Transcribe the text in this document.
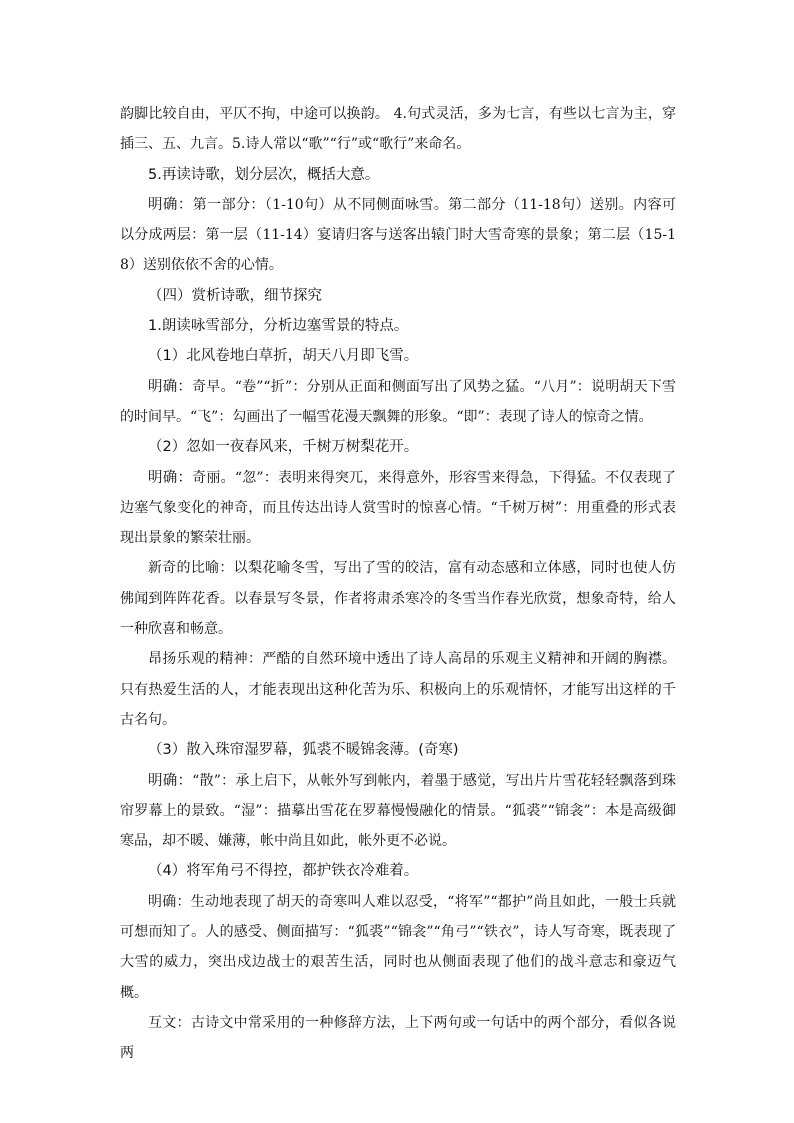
韵脚比较自由，平仄不拘，中途可以换韵。 4.句式灵活，多为七言，有些以七言为主，穿插三、五、九言。5.诗人常以“歌”“行”或“歌行”来命名。

5.再读诗歌，划分层次，概括大意。

明确：第一部分：（1-10句）从不同侧面咏雪。第二部分（11-18句）送别。内容可以分成两层：第一层（11-14）宴请归客与送客出辕门时大雪奇寒的景象；第二层（15-18）送别依依不舍的心情。

（四）赏析诗歌，细节探究

1.朗读咏雪部分，分析边塞雪景的特点。

（1）北风卷地白草折，胡天八月即飞雪。

明确：奇早。“卷”“折”：分别从正面和侧面写出了风势之猛。“八月”：说明胡天下雪的时间早。“飞”：勾画出了一幅雪花漫天飘舞的形象。“即”：表现了诗人的惊奇之情。

（2）忽如一夜春风来，千树万树梨花开。

明确：奇丽。“忽”：表明来得突兀，来得意外，形容雪来得急，下得猛。不仅表现了边塞气象变化的神奇，而且传达出诗人赏雪时的惊喜心情。“千树万树”：用重叠的形式表现出景象的繁荣壮丽。

新奇的比喻：以梨花喻冬雪，写出了雪的皎洁，富有动态感和立体感，同时也使人仿佛闻到阵阵花香。以春景写冬景，作者将肃杀寒冷的冬雪当作春光欣赏，想象奇特，给人一种欣喜和畅意。

昂扬乐观的精神：严酷的自然环境中透出了诗人高昂的乐观主义精神和开阔的胸襟。只有热爱生活的人，才能表现出这种化苦为乐、积极向上的乐观情怀，才能写出这样的千古名句。

（3）散入珠帘湿罗幕，狐裘不暖锦衾薄。(奇寒)

明确：“散”：承上启下，从帐外写到帐内，着墨于感觉，写出片片雪花轻轻飘落到珠帘罗幕上的景致。“湿”：描摹出雪花在罗幕慢慢融化的情景。“狐裘”“锦衾”：本是高级御寒品，却不暖、嫌薄，帐中尚且如此，帐外更不必说。

（4）将军角弓不得控，都护铁衣冷难着。

明确：生动地表现了胡天的奇寒叫人难以忍受，“将军”“都护”尚且如此，一般士兵就可想而知了。人的感受、侧面描写：“狐裘”“锦衾”“角弓”“铁衣”，诗人写奇寒，既表现了大雪的威力，突出戍边战士的艰苦生活，同时也从侧面表现了他们的战斗意志和豪迈气概。

互文：古诗文中常采用的一种修辞方法，上下两句或一句话中的两个部分，看似各说两
